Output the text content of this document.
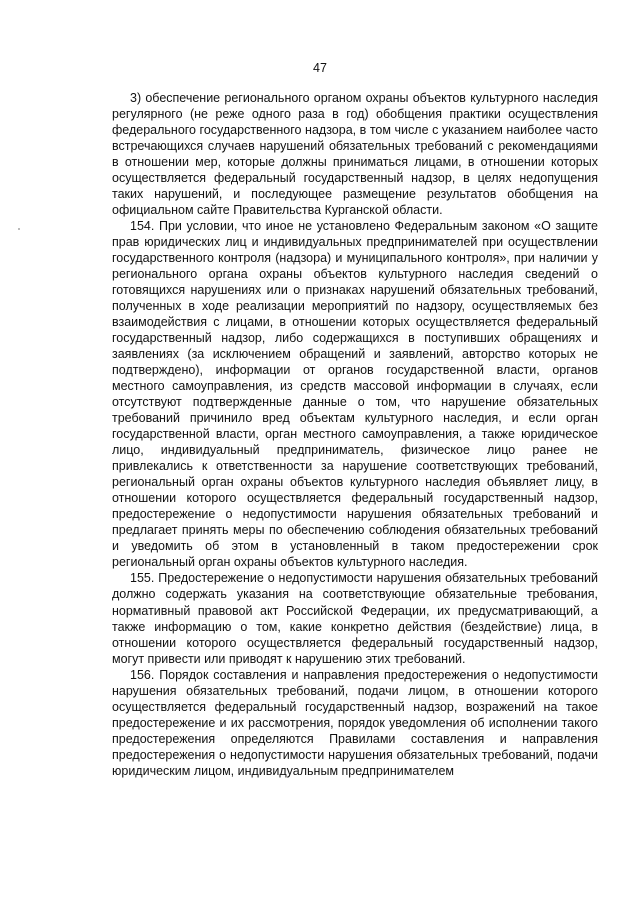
47

3) обеспечение регионального органом охраны объектов культурного наследия регулярного (не реже одного раза в год) обобщения практики осуществления федерального государственного надзора, в том числе с указанием наиболее часто встречающихся случаев нарушений обязательных требований с рекомендациями в отношении мер, которые должны приниматься лицами, в отношении которых осуществляется федеральный государственный надзор, в целях недопущения таких нарушений, и последующее размещение результатов обобщения на официальном сайте Правительства Курганской области.

154. При условии, что иное не установлено Федеральным законом «О защите прав юридических лиц и индивидуальных предпринимателей при осуществлении государственного контроля (надзора) и муниципального контроля», при наличии у регионального органа охраны объектов культурного наследия сведений о готовящихся нарушениях или о признаках нарушений обязательных требований, полученных в ходе реализации мероприятий по надзору, осуществляемых без взаимодействия с лицами, в отношении которых осуществляется федеральный государственный надзор, либо содержащихся в поступивших обращениях и заявлениях (за исключением обращений и заявлений, авторство которых не подтверждено), информации от органов государственной власти, органов местного самоуправления, из средств массовой информации в случаях, если отсутствуют подтвержденные данные о том, что нарушение обязательных требований причинило вред объектам культурного наследия, и если орган государственной власти, орган местного самоуправления, а также юридическое лицо, индивидуальный предприниматель, физическое лицо ранее не привлекались к ответственности за нарушение соответствующих требований, региональный орган охраны объектов культурного наследия объявляет лицу, в отношении которого осуществляется федеральный государственный надзор, предостережение о недопустимости нарушения обязательных требований и предлагает принять меры по обеспечению соблюдения обязательных требований и уведомить об этом в установленный в таком предостережении срок региональный орган охраны объектов культурного наследия.

155. Предостережение о недопустимости нарушения обязательных требований должно содержать указания на соответствующие обязательные требования, нормативный правовой акт Российской Федерации, их предусматривающий, а также информацию о том, какие конкретно действия (бездействие) лица, в отношении которого осуществляется федеральный государственный надзор, могут привести или приводят к нарушению этих требований.

156. Порядок составления и направления предостережения о недопустимости нарушения обязательных требований, подачи лицом, в отношении которого осуществляется федеральный государственный надзор, возражений на такое предостережение и их рассмотрения, порядок уведомления об исполнении такого предостережения определяются Правилами составления и направления предостережения о недопустимости нарушения обязательных требований, подачи юридическим лицом, индивидуальным предпринимателем
